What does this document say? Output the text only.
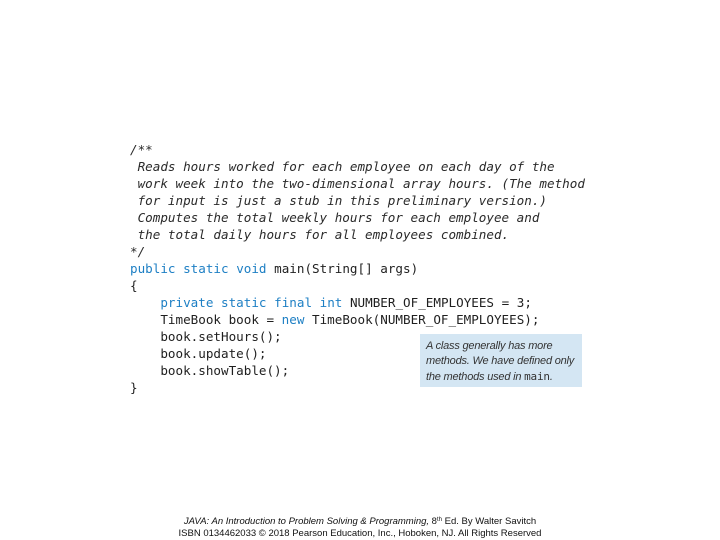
/**
Reads hours worked for each employee on each day of the
work week into the two-dimensional array hours. (The method
for input is just a stub in this preliminary version.)
Computes the total weekly hours for each employee and
the total daily hours for all employees combined.
*/
public static void main(String[] args)
{
private static final int NUMBER_OF_EMPLOYEES = 3;
TimeBook book = new TimeBook(NUMBER_OF_EMPLOYEES);
book.setHours();
book.update();
book.showTable();
}
A class generally has more
methods. We have defined only
the methods used in main.
JAVA: An Introduction to Problem Solving & Programming, 8th Ed. By Walter Savitch
ISBN 0134462033 © 2018 Pearson Education, Inc., Hoboken, NJ. All Rights Reserved
